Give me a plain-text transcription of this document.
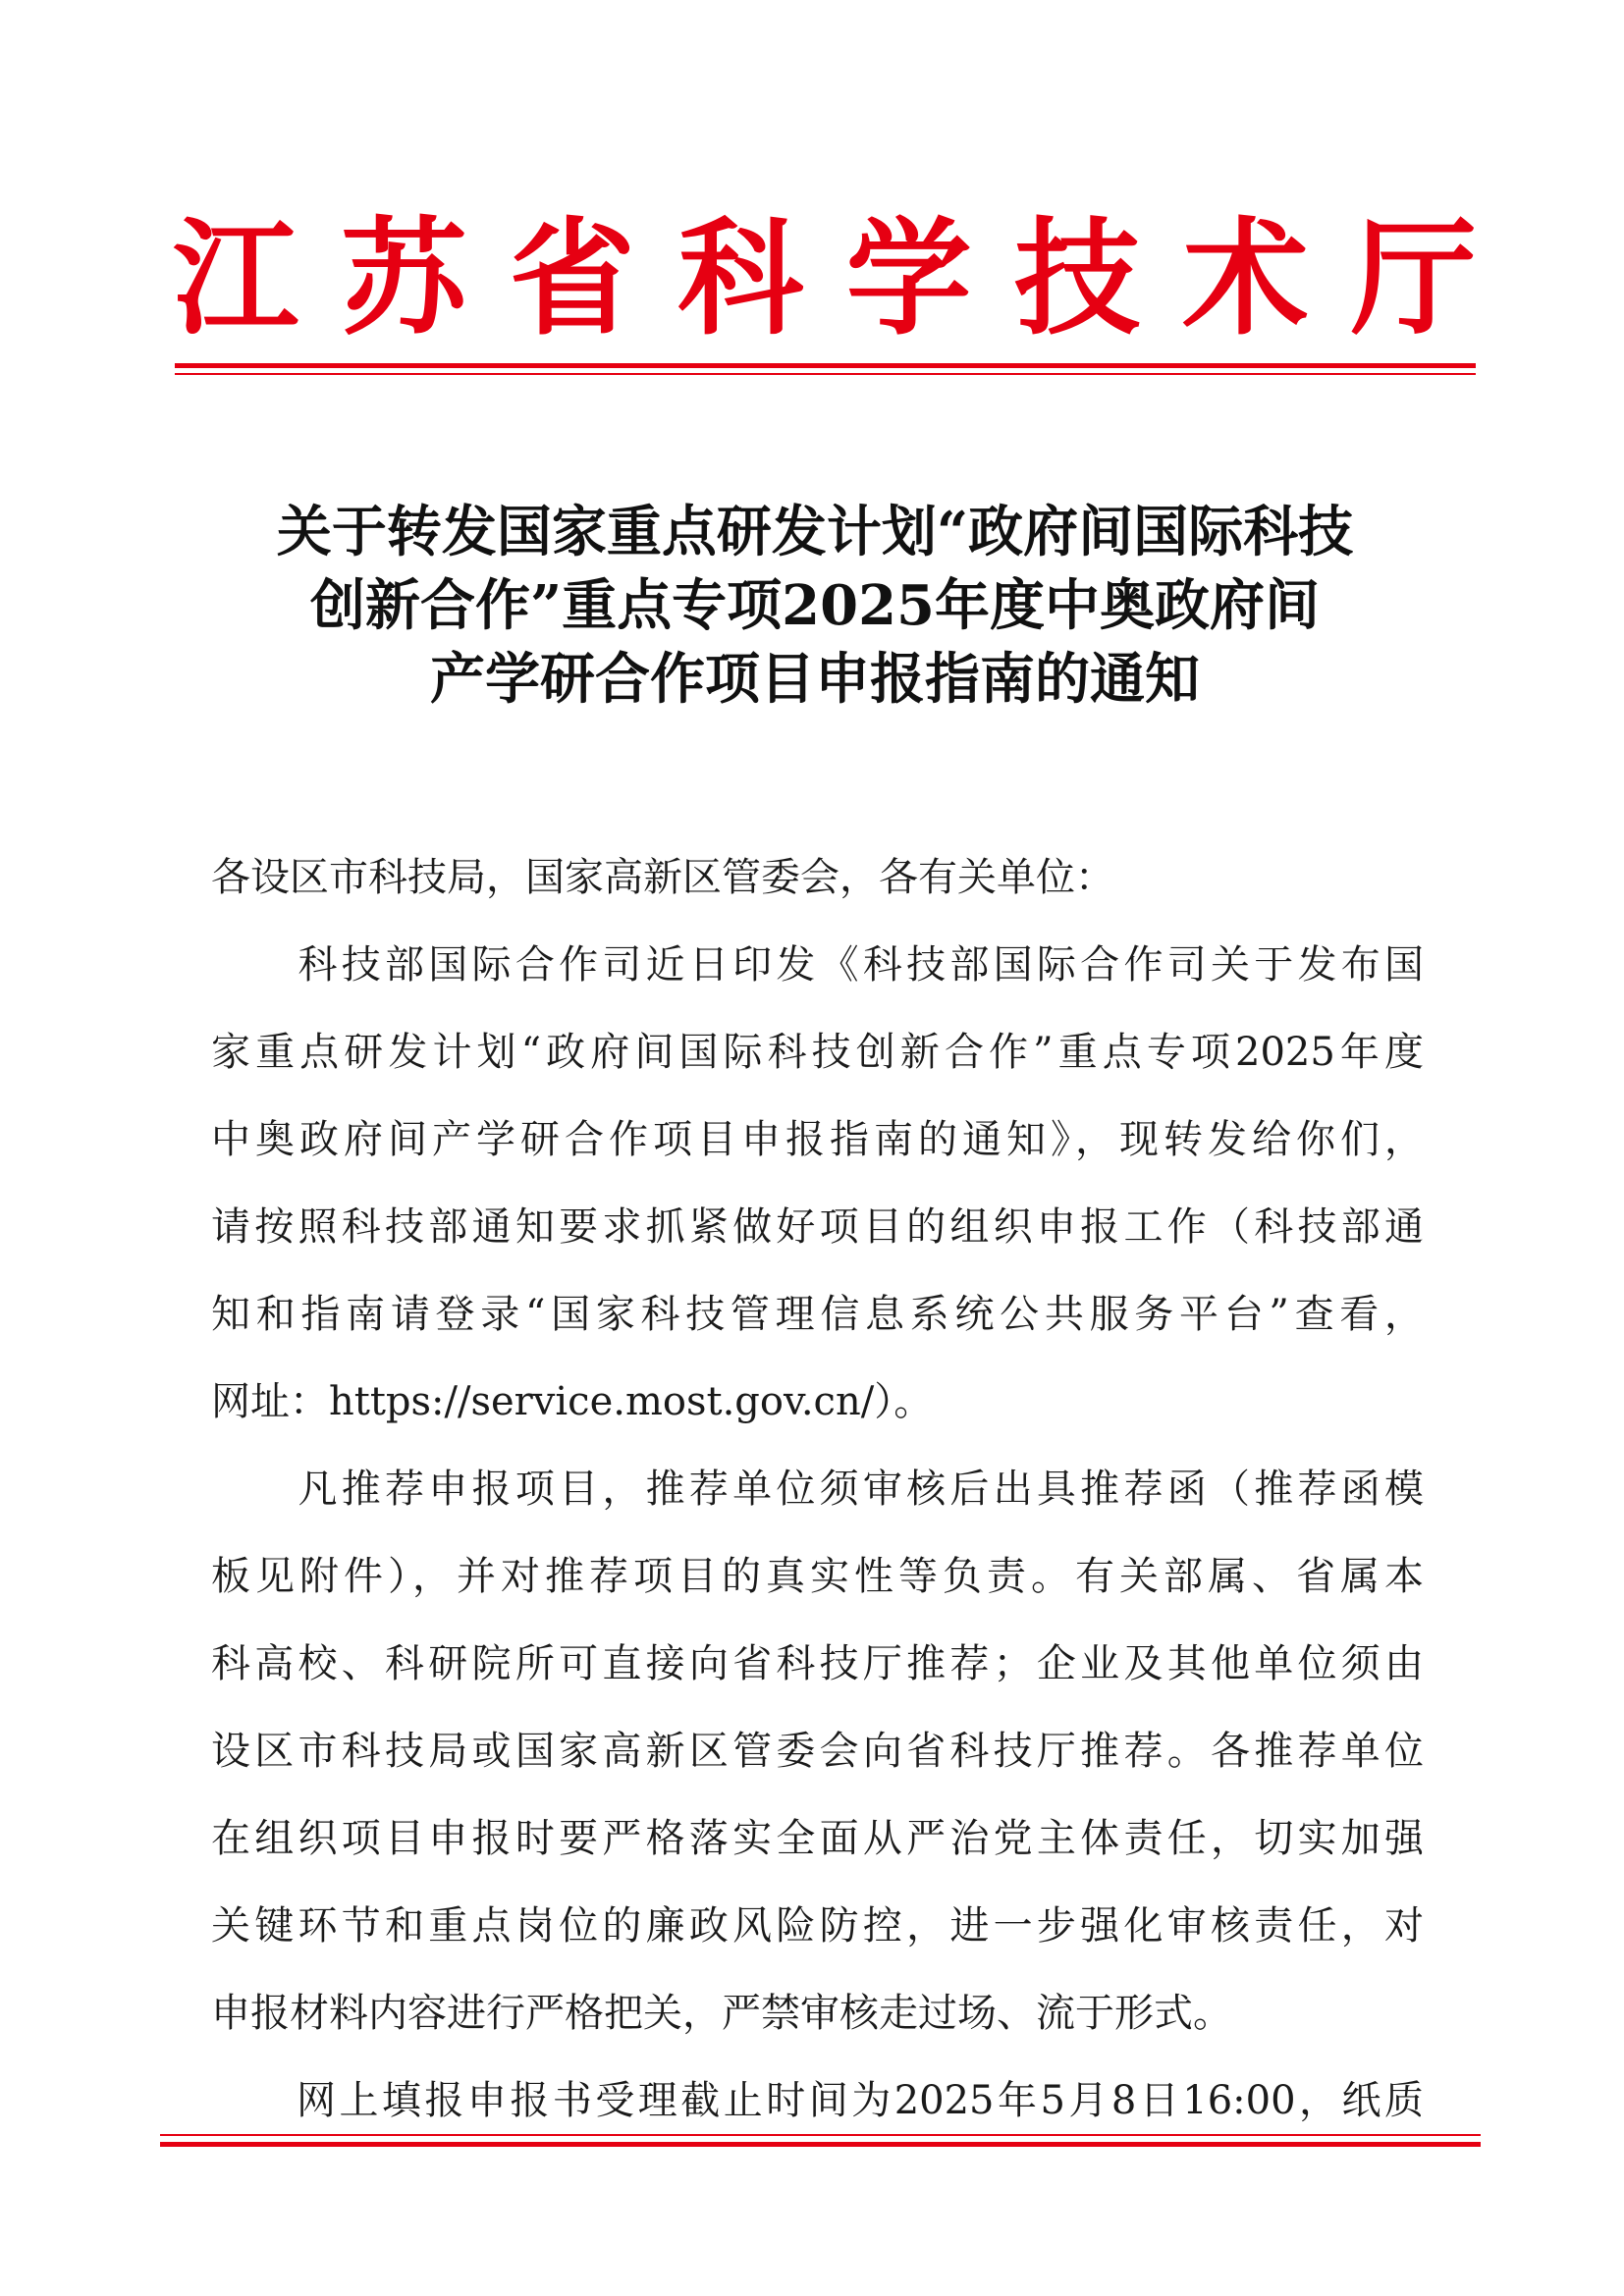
江 苏 省 科 学 技 术 厅
关于转发国家重点研发计划“政府间国际科技
创新合作”重点专项2025年度中奥政府间
产学研合作项目申报指南的通知
各设区市科技局，国家高新区管委会，各有关单位：
　　科技部国际合作司近日印发《科技部国际合作司关于发布国
家重点研发计划“政府间国际科技创新合作”重点专项2025年度
中奥政府间产学研合作项目申报指南的通知》，现转发给你们，
请按照科技部通知要求抓紧做好项目的组织申报工作（科技部通
知和指南请登录“国家科技管理信息系统公共服务平台”查看，
网址：https://service.most.gov.cn/）。
　　凡推荐申报项目，推荐单位须审核后出具推荐函（推荐函模
板见附件），并对推荐项目的真实性等负责。有关部属、省属本
科高校、科研院所可直接向省科技厅推荐；企业及其他单位须由
设区市科技局或国家高新区管委会向省科技厅推荐。各推荐单位
在组织项目申报时要严格落实全面从严治党主体责任，切实加强
关键环节和重点岗位的廉政风险防控，进一步强化审核责任，对
申报材料内容进行严格把关，严禁审核走过场、流于形式。
　　网上填报申报书受理截止时间为2025年5月8日16:00，纸质
